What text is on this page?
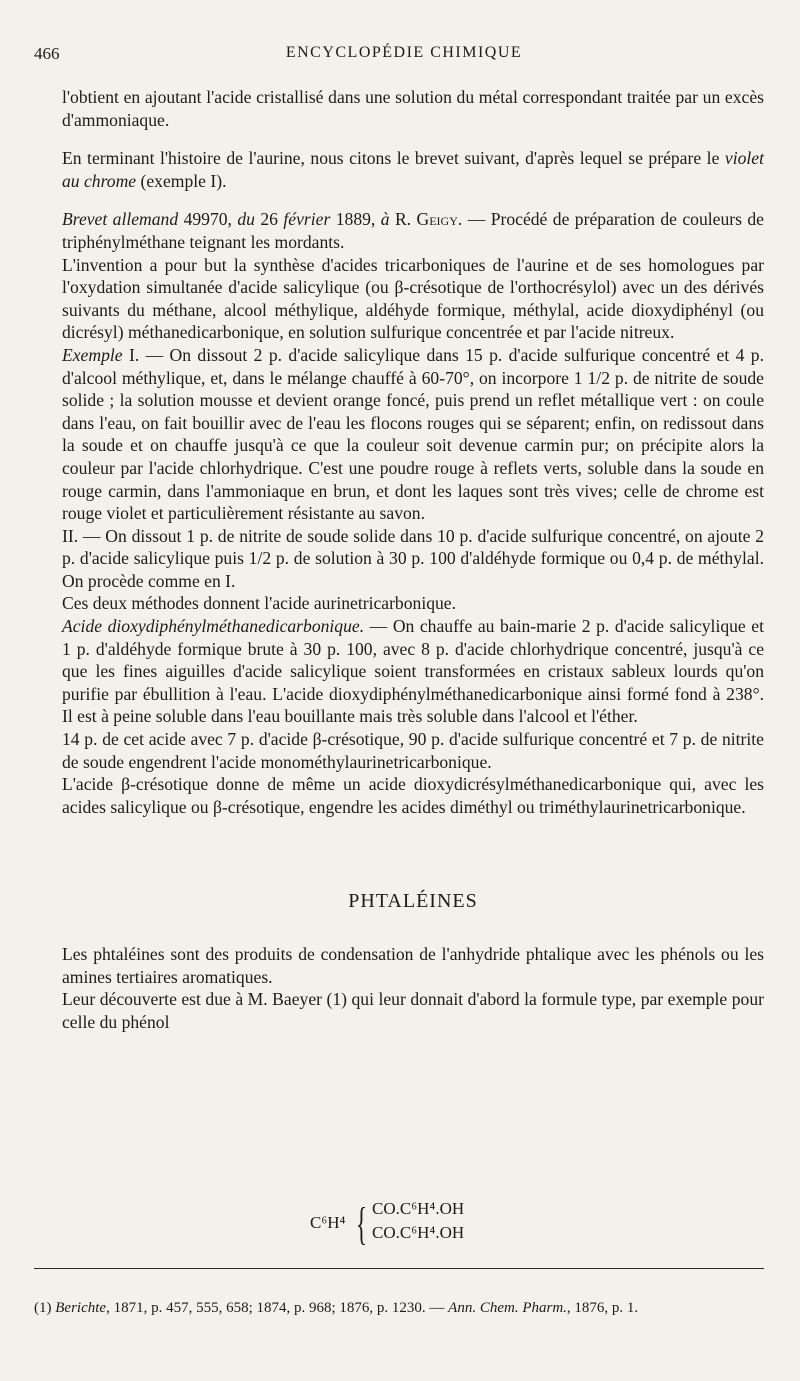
466	ENCYCLOPÉDIE CHIMIQUE

l'obtient en ajoutant l'acide cristallisé dans une solution du métal correspondant traitée par un excès d'ammoniaque.

En terminant l'histoire de l'aurine, nous citons le brevet suivant, d'après lequel se prépare le violet au chrome (exemple I).

Brevet allemand 49970, du 26 février 1889, à R. Geigy. — Procédé de préparation de couleurs de triphénylméthane teignant les mordants.

L'invention a pour but la synthèse d'acides tricarboniques de l'aurine et de ses homologues par l'oxydation simultanée d'acide salicylique (ou β-crésotique de l'orthocrésylol) avec un des dérivés suivants du méthane, alcool méthylique, aldéhyde formique, méthylal, acide dioxydiphényl (ou dicrésyl) méthanedicarbonique, en solution sulfurique concentrée et par l'acide nitreux.

Exemple I. — On dissout 2 p. d'acide salicylique dans 15 p. d'acide sulfurique concentré et 4 p. d'alcool méthylique, et, dans le mélange chauffé à 60-70°, on incorpore 1 1/2 p. de nitrite de soude solide ; la solution mousse et devient orange foncé, puis prend un reflet métallique vert : on coule dans l'eau, on fait bouillir avec de l'eau les flocons rouges qui se séparent; enfin, on redissout dans la soude et on chauffe jusqu'à ce que la couleur soit devenue carmin pur; on précipite alors la couleur par l'acide chlorhydrique. C'est une poudre rouge à reflets verts, soluble dans la soude en rouge carmin, dans l'ammoniaque en brun, et dont les laques sont très vives; celle de chrome est rouge violet et particulièrement résistante au savon.

II. — On dissout 1 p. de nitrite de soude solide dans 10 p. d'acide sulfurique concentré, on ajoute 2 p. d'acide salicylique puis 1/2 p. de solution à 30 p. 100 d'aldéhyde formique ou 0,4 p. de méthylal. On procède comme en I.

Ces deux méthodes donnent l'acide aurinetricarbonique.

Acide dioxydiphénylméthanedicarbonique. — On chauffe au bain-marie 2 p. d'acide salicylique et 1 p. d'aldéhyde formique brute à 30 p. 100, avec 8 p. d'acide chlorhydrique concentré, jusqu'à ce que les fines aiguilles d'acide salicylique soient transformées en cristaux sableux lourds qu'on purifie par ébullition à l'eau. L'acide dioxydiphénylméthanedicarbonique ainsi formé fond à 238°. Il est à peine soluble dans l'eau bouillante mais très soluble dans l'alcool et l'éther.

14 p. de cet acide avec 7 p. d'acide β-crésotique, 90 p. d'acide sulfurique concentré et 7 p. de nitrite de soude engendrent l'acide monométhylaurinetricarbonique.

L'acide β-crésotique donne de même un acide dioxydicrésylméthanedicarbonique qui, avec les acides salicylique ou β-crésotique, engendre les acides diméthyl ou triméthylaurinetricarbonique.

PHTALÉINES

Les phtaléines sont des produits de condensation de l'anhydride phtalique avec les phénols ou les amines tertiaires aromatiques.

Leur découverte est due à M. Baeyer (1) qui leur donnait d'abord la formule type, par exemple pour celle du phénol

C⁶H⁴ { CO.C⁶H⁴.OH
CO.C⁶H⁴.OH
(1) Berichte, 1871, p. 457, 555, 658; 1874, p. 968; 1876, p. 1230. — Ann. Chem. Pharm., 1876, p. 1.
